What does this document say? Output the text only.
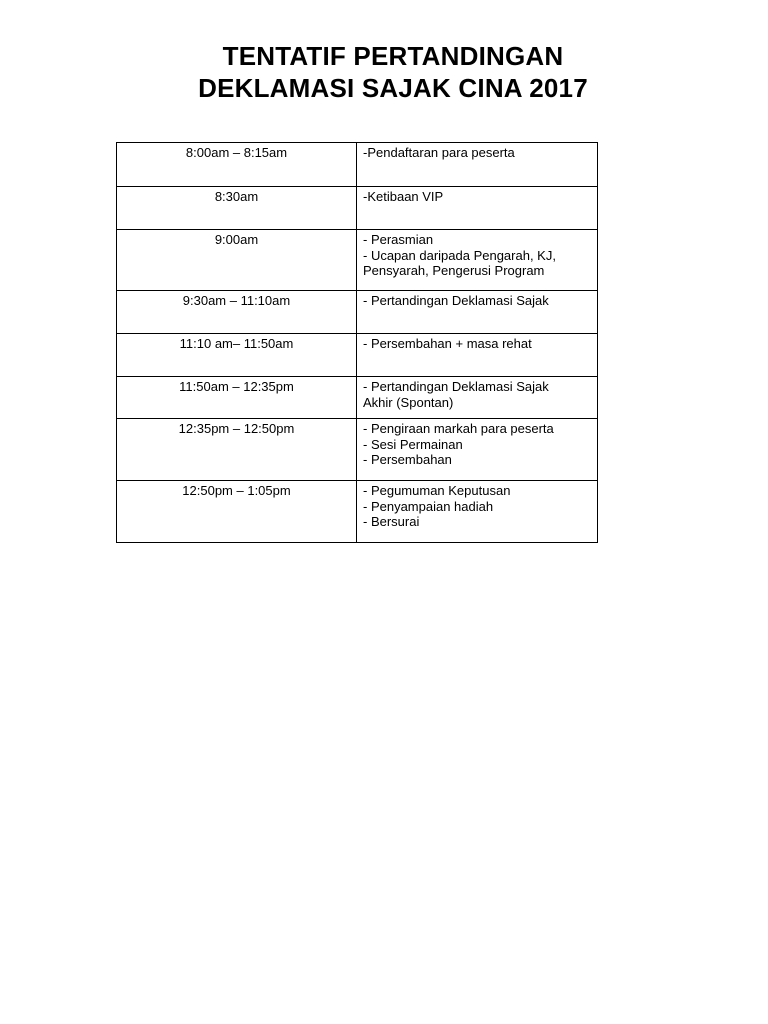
TENTATIF PERTANDINGAN
DEKLAMASI SAJAK CINA 2017
8:00am – 8:15am	-Pendaftaran para peserta

8:30am	-Ketibaan VIP

9:00am	- Perasmian
- Ucapan daripada Pengarah, KJ,
Pensyarah, Pengerusi Program

9:30am – 11:10am	- Pertandingan Deklamasi Sajak

11:10 am– 11:50am	- Persembahan + masa rehat

11:50am – 12:35pm	- Pertandingan Deklamasi Sajak
Akhir (Spontan)

12:35pm – 12:50pm	- Pengiraan markah para peserta
- Sesi Permainan
- Persembahan

12:50pm – 1:05pm	- Pegumuman Keputusan
- Penyampaian hadiah
- Bersurai
